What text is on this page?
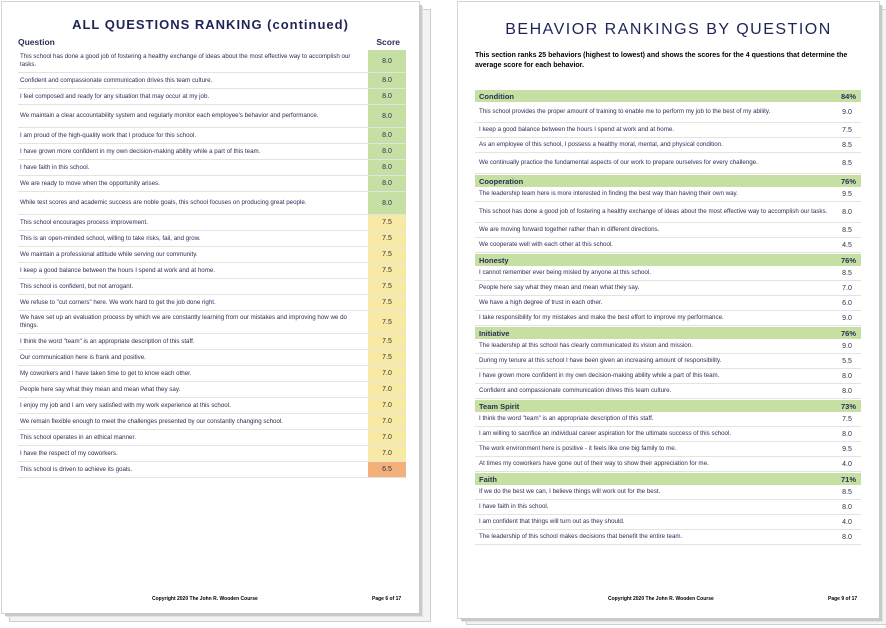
ALL QUESTIONS RANKING (continued)
Question	Score
This school has done a good job of fostering a healthy exchange of ideas about the most effective way to accomplish our tasks.	8.0
Confident and compassionate communication drives this team culture.	8.0
I feel composed and ready for any situation that may occur at my job.	8.0
We maintain a clear accountability system and regularly monitor each employee's behavior and performance.	8.0
I am proud of the high-quality work that I produce for this school.	8.0
I have grown more confident in my own decision-making ability while a part of this team.	8.0
I have faith in this school.	8.0
We are ready to move when the opportunity arises.	8.0
While test scores and academic success are noble goals, this school focuses on producing great people.	8.0
This school encourages process improvement.	7.5
This is an open-minded school, willing to take risks, fail, and grow.	7.5
We maintain a professional attitude while serving our community.	7.5
I keep a good balance between the hours I spend at work and at home.	7.5
This school is confident, but not arrogant.	7.5
We refuse to "cut corners" here. We work hard to get the job done right.	7.5
We have set up an evaluation process by which we are constantly learning from our mistakes and improving how we do things.	7.5
I think the word "team" is an appropriate description of this staff.	7.5
Our communication here is frank and positive.	7.5
My coworkers and I have taken time to get to know each other.	7.0
People here say what they mean and mean what they say.	7.0
I enjoy my job and I am very satisfied with my work experience at this school.	7.0
We remain flexible enough to meet the challenges presented by our constantly changing school.	7.0
This school operates in an ethical manner.	7.0
I have the respect of my coworkers.	7.0
This school is driven to achieve its goals.	6.5
Copyright 2020 The John R. Wooden Course	Page 6 of 17
BEHAVIOR RANKINGS BY QUESTION

This section ranks 25 behaviors (highest to lowest) and shows the scores for the 4 questions that determine the average score for each behavior.

Condition	84%
This school provides the proper amount of training to enable me to perform my job to the best of my ability.	9.0
I keep a good balance between the hours I spend at work and at home.	7.5
As an employee of this school, I possess a healthy moral, mental, and physical condition.	8.5
We continually practice the fundamental aspects of our work to prepare ourselves for every challenge.	8.5
Cooperation	76%
The leadership team here is more interested in finding the best way than having their own way.	9.5
This school has done a good job of fostering a healthy exchange of ideas about the most effective way to accomplish our tasks.	8.0
We are moving forward together rather than in different directions.	8.5
We cooperate well with each other at this school.	4.5
Honesty	76%
I cannot remember ever being misled by anyone at this school.	8.5
People here say what they mean and mean what they say.	7.0
We have a high degree of trust in each other.	6.0
I take responsibility for my mistakes and make the best effort to improve my performance.	9.0
Initiative	76%
The leadership at this school has clearly communicated its vision and mission.	9.0
During my tenure at this school I have been given an increasing amount of responsibility.	5.5
I have grown more confident in my own decision-making ability while a part of this team.	8.0
Confident and compassionate communication drives this team culture.	8.0
Team Spirit	73%
I think the word "team" is an appropriate description of this staff.	7.5
I am willing to sacrifice an individual career aspiration for the ultimate success of this school.	8.0
The work environment here is positive - it feels like one big family to me.	9.5
At times my coworkers have gone out of their way to show their appreciation for me.	4.0
Faith	71%
If we do the best we can, I believe things will work out for the best.	8.5
I have faith in this school.	8.0
I am confident that things will turn out as they should.	4.0
The leadership of this school makes decisions that benefit the entire team.	8.0
Copyright 2020 The John R. Wooden Course	Page 9 of 17
